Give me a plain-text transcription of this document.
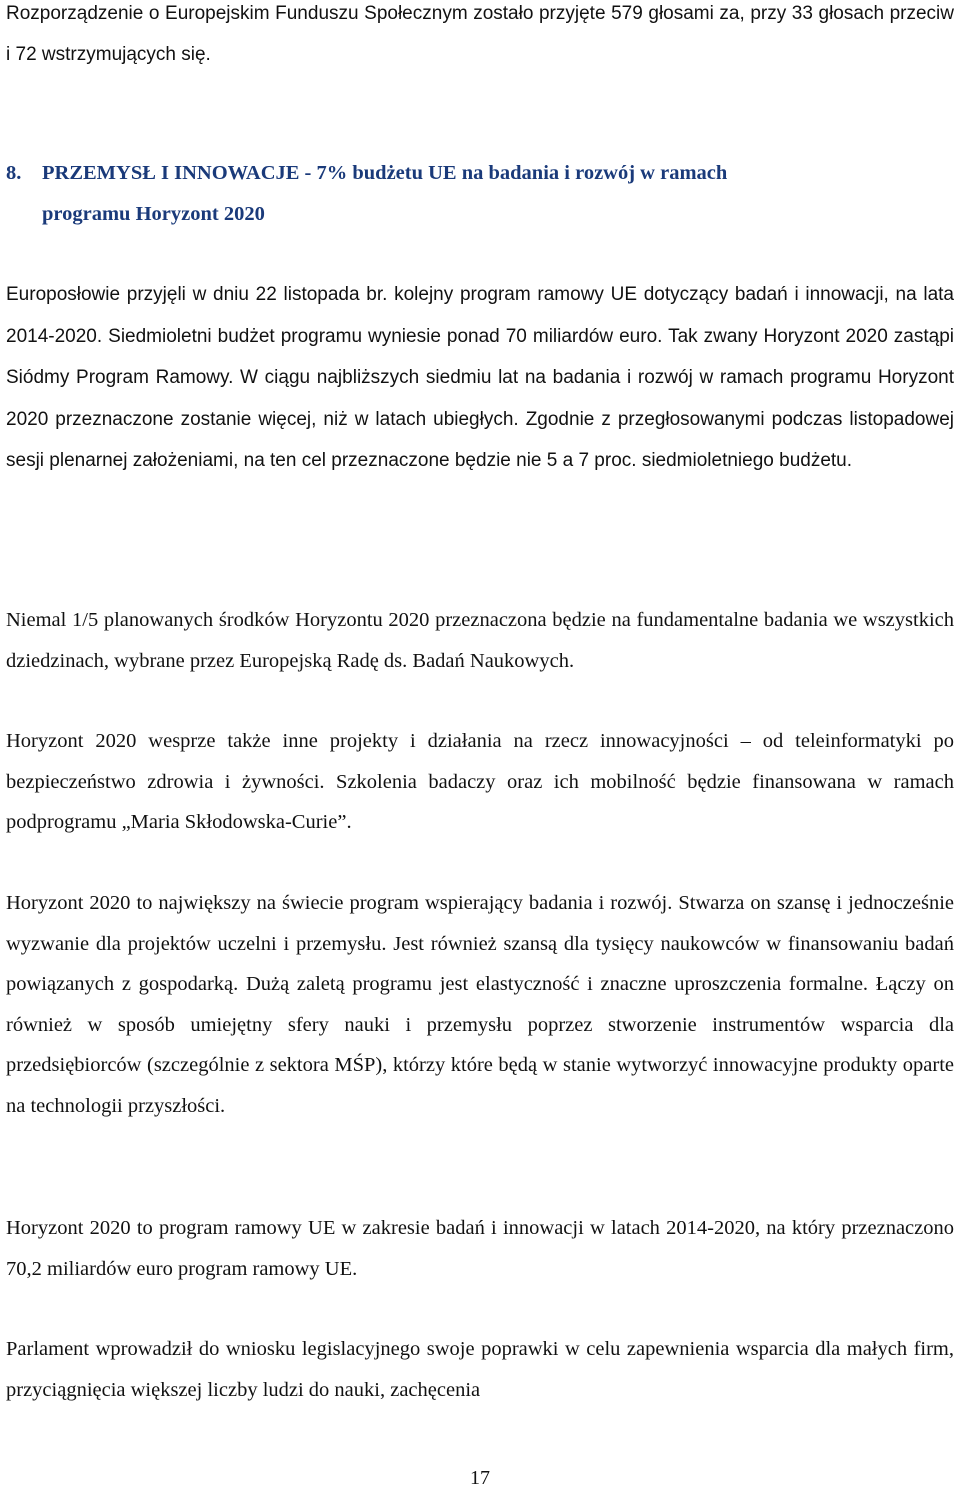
Rozporządzenie o Europejskim Funduszu Społecznym zostało przyjęte 579 głosami za, przy 33 głosach przeciw i 72 wstrzymujących się.

8. PRZEMYSŁ I INNOWACJE - 7% budżetu UE na badania i rozwój w ramach
programu Horyzont 2020

Europosłowie przyjęli w dniu 22 listopada br. kolejny program ramowy UE dotyczący badań i innowacji, na lata 2014-2020. Siedmioletni budżet programu wyniesie ponad 70 miliardów euro. Tak zwany Horyzont 2020 zastąpi Siódmy Program Ramowy. W ciągu najbliższych siedmiu lat na badania i rozwój w ramach programu Horyzont 2020 przeznaczone zostanie więcej, niż w latach ubiegłych. Zgodnie z przegłosowanymi podczas listopadowej sesji plenarnej założeniami, na ten cel przeznaczone będzie nie 5 a 7 proc. siedmioletniego budżetu.

Niemal 1/5 planowanych środków Horyzontu 2020 przeznaczona będzie na fundamentalne badania we wszystkich dziedzinach, wybrane przez Europejską Radę ds. Badań Naukowych.

Horyzont 2020 wesprze także inne projekty i działania na rzecz innowacyjności – od teleinformatyki po bezpieczeństwo zdrowia i żywności. Szkolenia badaczy oraz ich mobilność będzie finansowana w ramach podprogramu „Maria Skłodowska-Curie”.

Horyzont 2020 to największy na świecie program wspierający badania i rozwój. Stwarza on szansę i jednocześnie wyzwanie dla projektów uczelni i przemysłu. Jest również szansą dla tysięcy naukowców w finansowaniu badań powiązanych z gospodarką. Dużą zaletą programu jest elastyczność i znaczne uproszczenia formalne. Łączy on również w sposób umiejętny sfery nauki i przemysłu poprzez stworzenie instrumentów wsparcia dla przedsiębiorców (szczególnie z sektora MŚP), którzy które będą w stanie wytworzyć innowacyjne produkty oparte na technologii przyszłości.

Horyzont 2020 to program ramowy UE w zakresie badań i innowacji w latach 2014-2020, na który przeznaczono 70,2 miliardów euro program ramowy UE.

Parlament wprowadził do wniosku legislacyjnego swoje poprawki w celu zapewnienia wsparcia dla małych firm, przyciągnięcia większej liczby ludzi do nauki, zachęcenia

17
